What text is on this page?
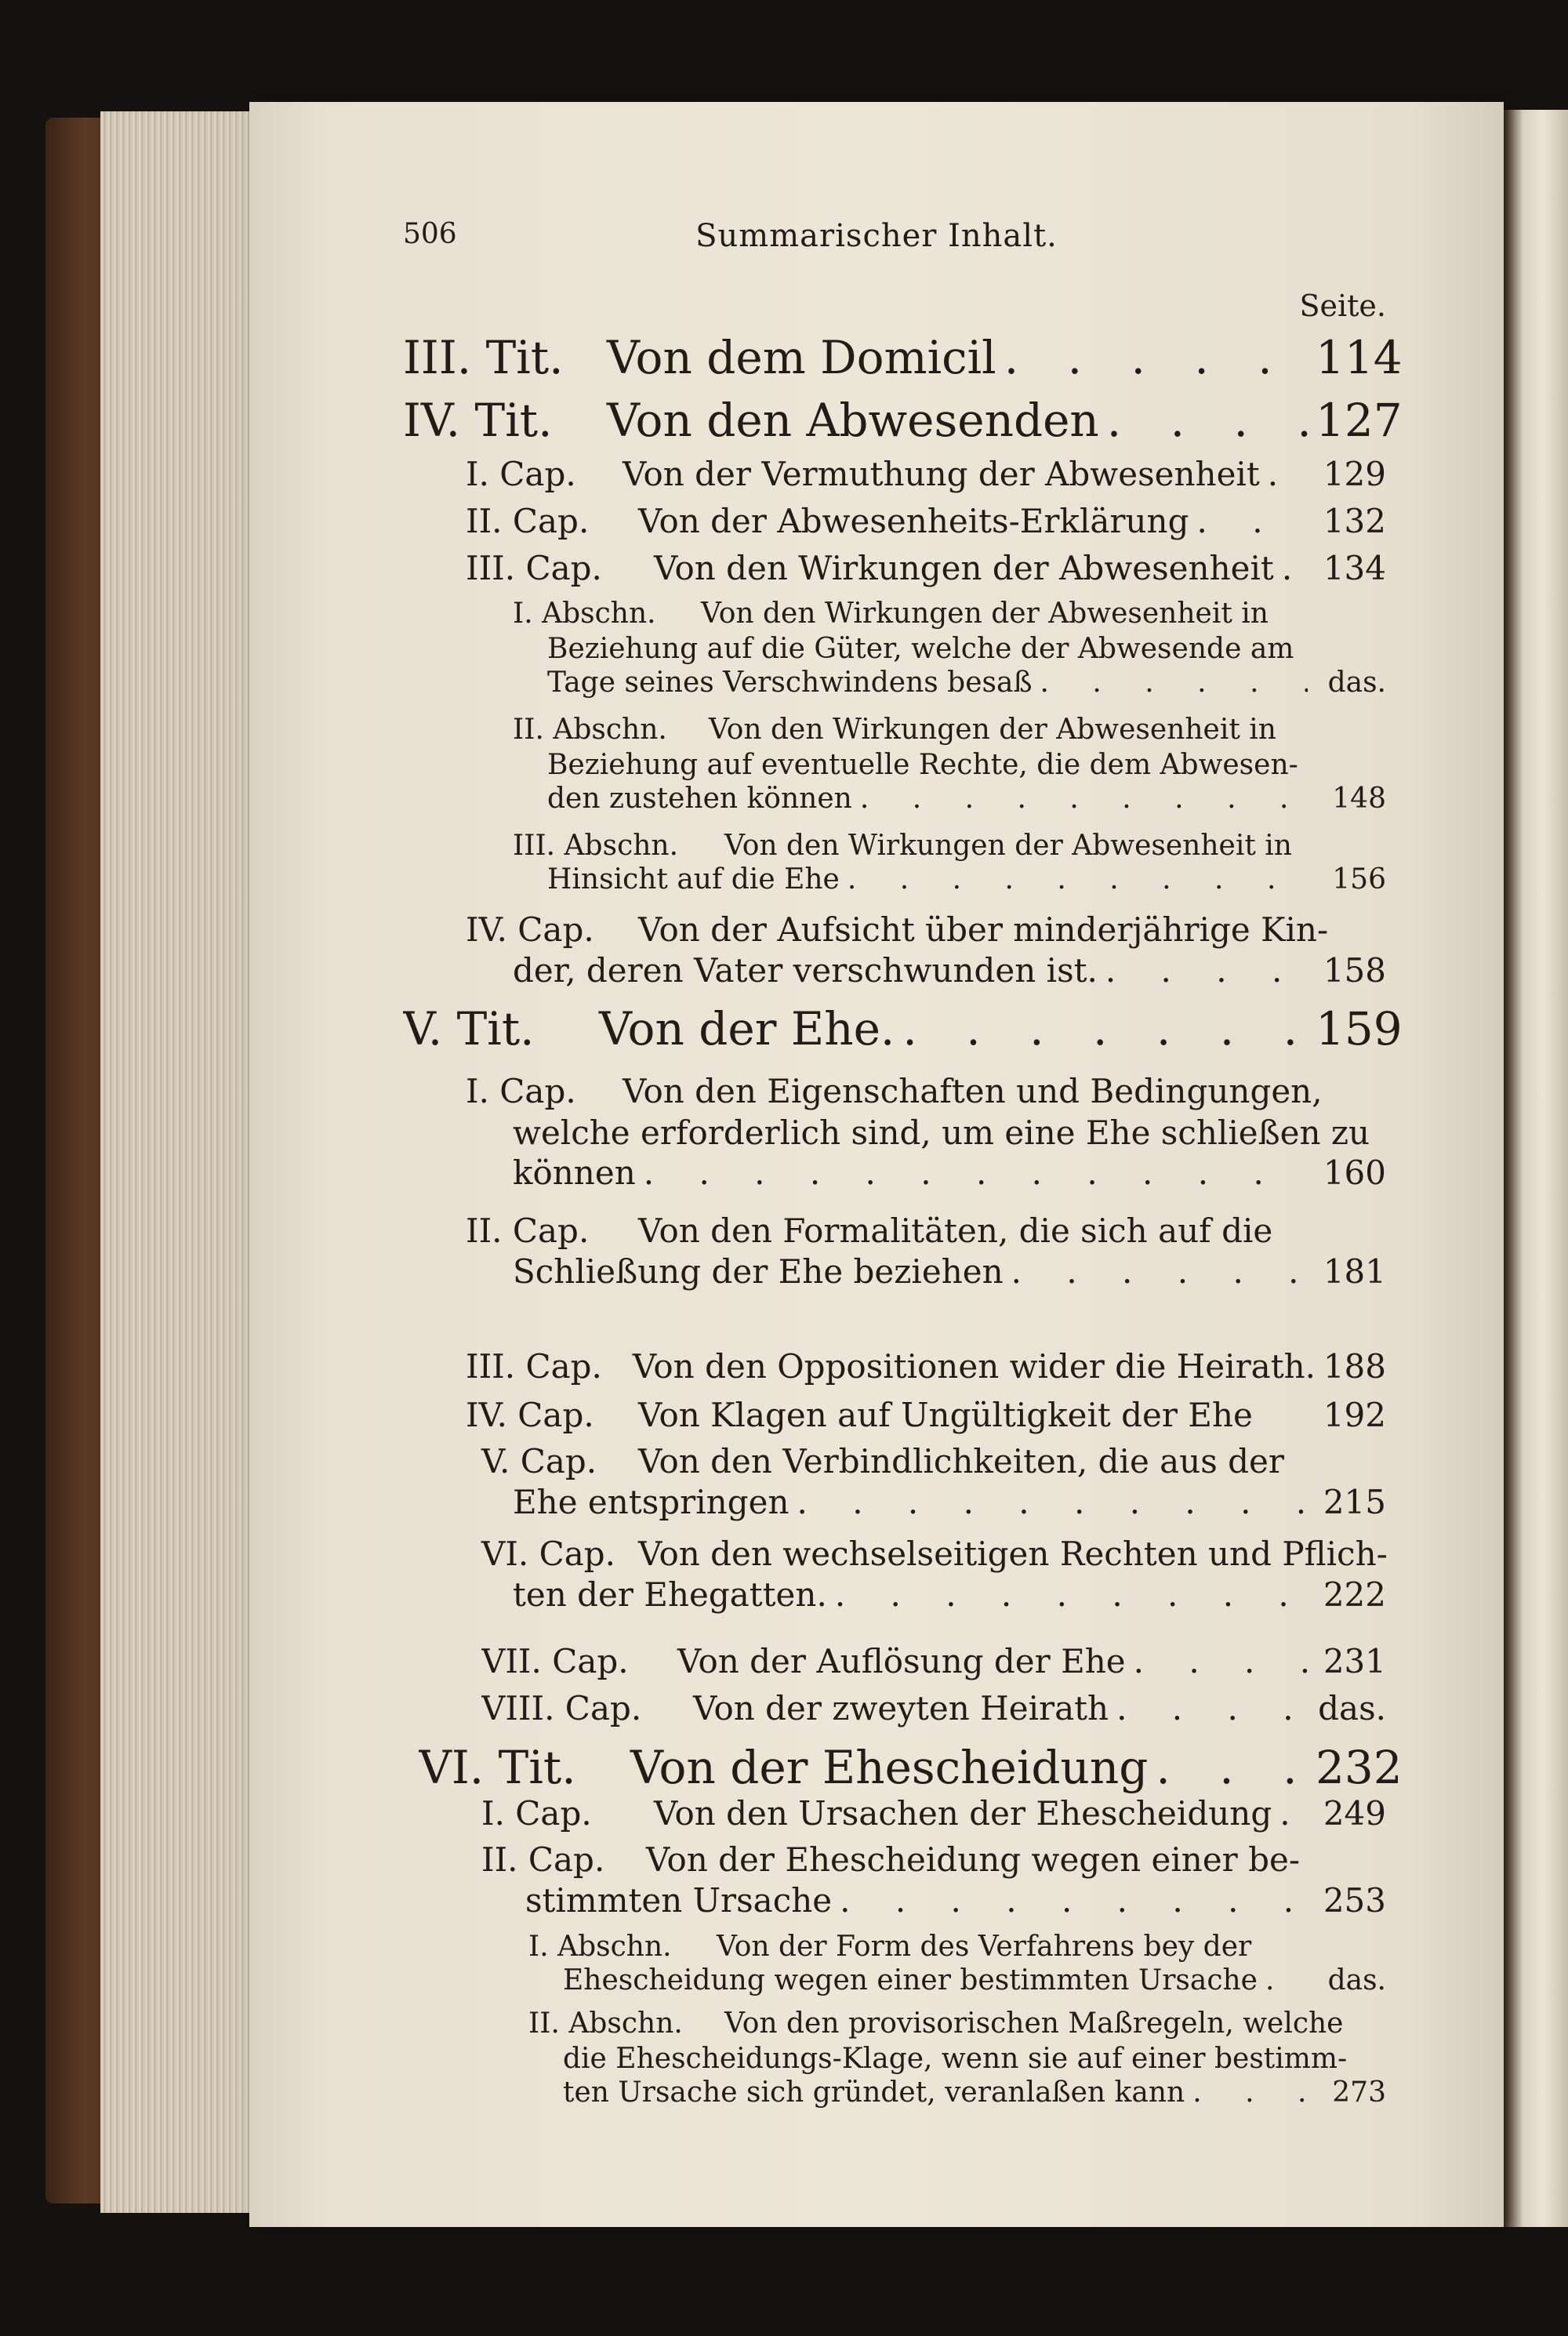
506	Summarischer Inhalt.
Seite.
III. Tit. Von dem Domicil . . .	114
IV. Tit.	Von den Abwesenden . . .	127
I. Cap.	Von der Vermuthung der Abwesenheit . . . 129
II. Cap.	Von der Abwesenheits-Erklärung . . .	132
III. Cap.	Von den Wirkungen der Abwesenheit . . . 134
I. Abschn. Von den Wirkungen der Abwesenheit in
Beziehung auf die Güter, welche der Abwesende am
Tage seines Verschwindens besaß . . .	das.
II. Abschn. Von den Wirkungen der Abwesenheit in
Beziehung auf eventuelle Rechte, die dem Abwesen-
den zustehen können . . .	148
III. Abschn. Von den Wirkungen der Abwesenheit in
Hinsicht auf die Ehe . . .	156
IV. Cap. Von der Aufsicht über minderjährige Kin-
der, deren Vater verschwunden ist. . . .	158
V. Tit.	Von der Ehe. . . .	159
I. Cap. Von den Eigenschaften und Bedingungen,
welche erforderlich sind, um eine Ehe schließen zu
können . . .	160
II. Cap. Von den Formalitäten, die sich auf die
Schließung der Ehe beziehen . . .	181
III. Cap. Von den Oppositionen wider die Heirath. 188
IV. Cap.	Von Klagen auf Ungültigkeit der Ehe 192
V. Cap. Von den Verbindlichkeiten, die aus der
Ehe entspringen . . .	215
VI. Cap. Von den wechselseitigen Rechten und Pflich-
ten der Ehegatten. . . .	222
VII. Cap.	Von der Auflösung der Ehe . . .	231
VIII. Cap.	Von der zweyten Heirath . . .	das.
VI. Tit.	Von der Ehescheidung . . .	232
I. Cap.	Von den Ursachen der Ehescheidung . . . 249
II. Cap. Von der Ehescheidung wegen einer be-
stimmten Ursache . . .	253
I. Abschn. Von der Form des Verfahrens bey der
Ehescheidung wegen einer bestimmten Ursache . . .	das.
II. Abschn. Von den provisorischen Maßregeln, welche
die Ehescheidungs-Klage, wenn sie auf einer bestimm-
ten Ursache sich gründet, veranlaßen kann . . .	273
